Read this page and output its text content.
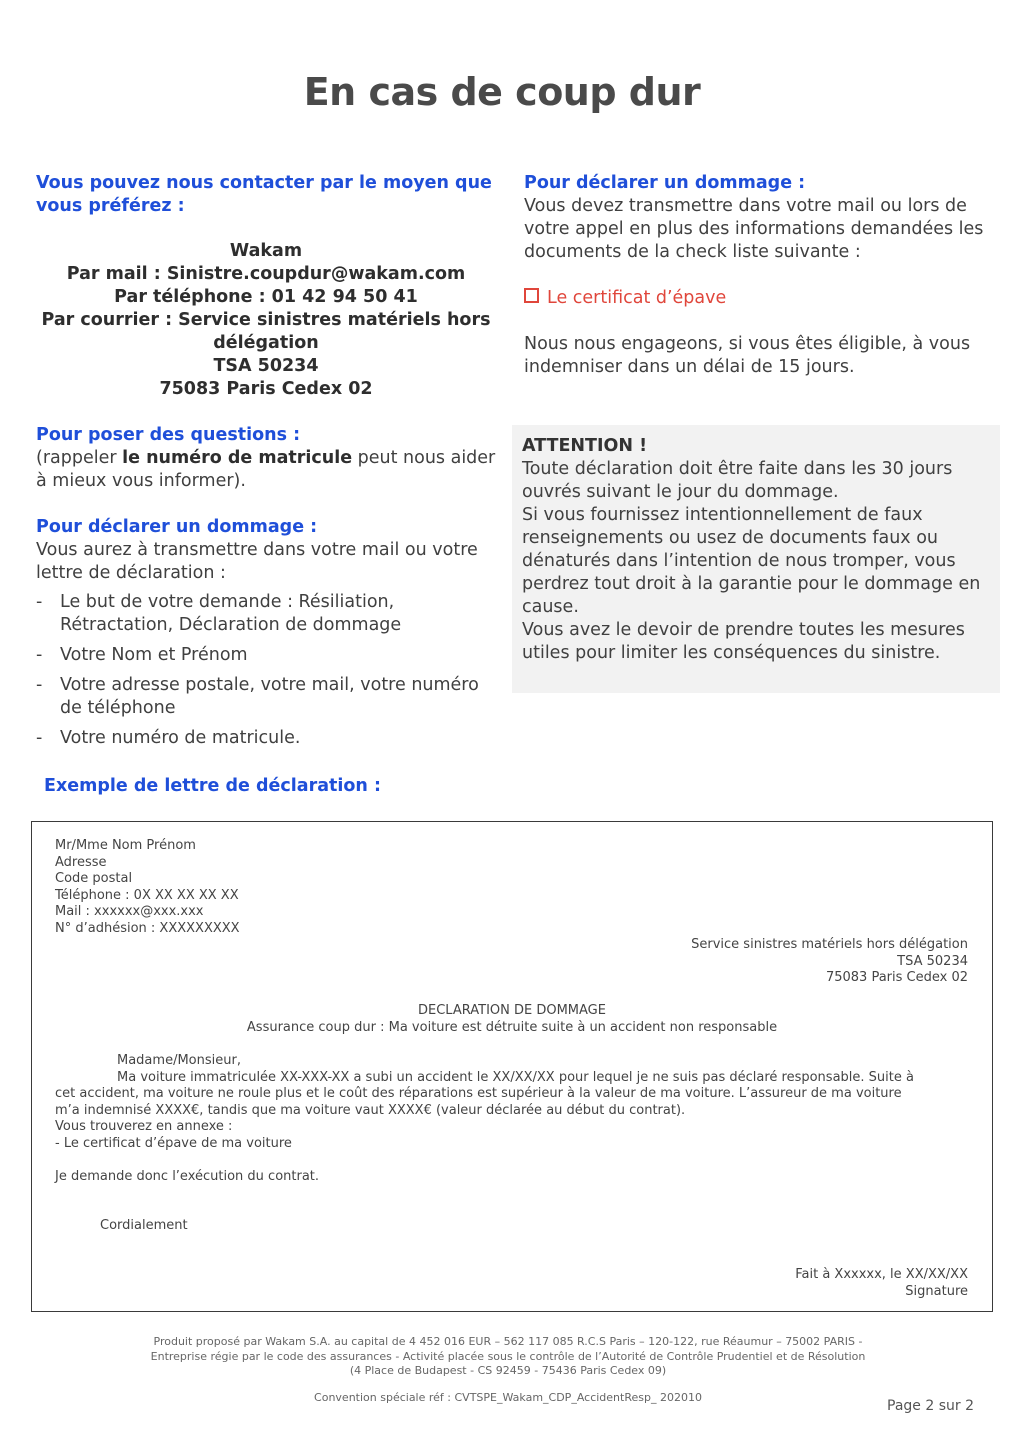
En cas de coup dur
Vous pouvez nous contacter par le moyen que vous préférez :
Wakam
Par mail : Sinistre.coupdur@wakam.com
Par téléphone : 01 42 94 50 41
Par courrier : Service sinistres matériels hors délégation
TSA 50234
75083 Paris Cedex 02
Pour poser des questions :
(rappeler le numéro de matricule peut nous aider à mieux vous informer).
Pour déclarer un dommage :
Vous aurez à transmettre dans votre mail ou votre lettre de déclaration :
- Le but de votre demande : Résiliation, Rétractation, Déclaration de dommage
- Votre Nom et Prénom
- Votre adresse postale, votre mail, votre numéro de téléphone
- Votre numéro de matricule.
Pour déclarer un dommage :
Vous devez transmettre dans votre mail ou lors de votre appel en plus des informations demandées les documents de la check liste suivante :
Le certificat d’épave
Nous nous engageons, si vous êtes éligible, à vous indemniser dans un délai de 15 jours.
ATTENTION !
Toute déclaration doit être faite dans les 30 jours ouvrés suivant le jour du dommage.
Si vous fournissez intentionnellement de faux renseignements ou usez de documents faux ou dénaturés dans l’intention de nous tromper, vous perdrez tout droit à la garantie pour le dommage en cause.
Vous avez le devoir de prendre toutes les mesures utiles pour limiter les conséquences du sinistre.
Exemple de lettre de déclaration :
Mr/Mme Nom Prénom
Adresse
Code postal
Téléphone : 0X XX XX XX XX
Mail : xxxxxx@xxx.xxx
N° d’adhésion : XXXXXXXXX
Service sinistres matériels hors délégation
TSA 50234
75083 Paris Cedex 02
DECLARATION DE DOMMAGE
Assurance coup dur : Ma voiture est détruite suite à un accident non responsable
Madame/Monsieur,
Ma voiture immatriculée XX-XXX-XX a subi un accident le XX/XX/XX pour lequel je ne suis pas déclaré responsable. Suite à
cet accident, ma voiture ne roule plus et le coût des réparations est supérieur à la valeur de ma voiture. L’assureur de ma voiture
m’a indemnisé XXXX€, tandis que ma voiture vaut XXXX€ (valeur déclarée au début du contrat).
Vous trouverez en annexe :
- Le certificat d’épave de ma voiture
Je demande donc l’exécution du contrat.
Cordialement
Fait à Xxxxxx, le XX/XX/XX
Signature
Produit proposé par Wakam S.A. au capital de 4 452 016 EUR – 562 117 085 R.C.S Paris – 120-122, rue Réaumur – 75002 PARIS -
Entreprise régie par le code des assurances - Activité placée sous le contrôle de l’Autorité de Contrôle Prudentiel et de Résolution
(4 Place de Budapest - CS 92459 - 75436 Paris Cedex 09)
Convention spéciale réf : CVTSPE_Wakam_CDP_AccidentResp_ 202010
Page 2 sur 2
